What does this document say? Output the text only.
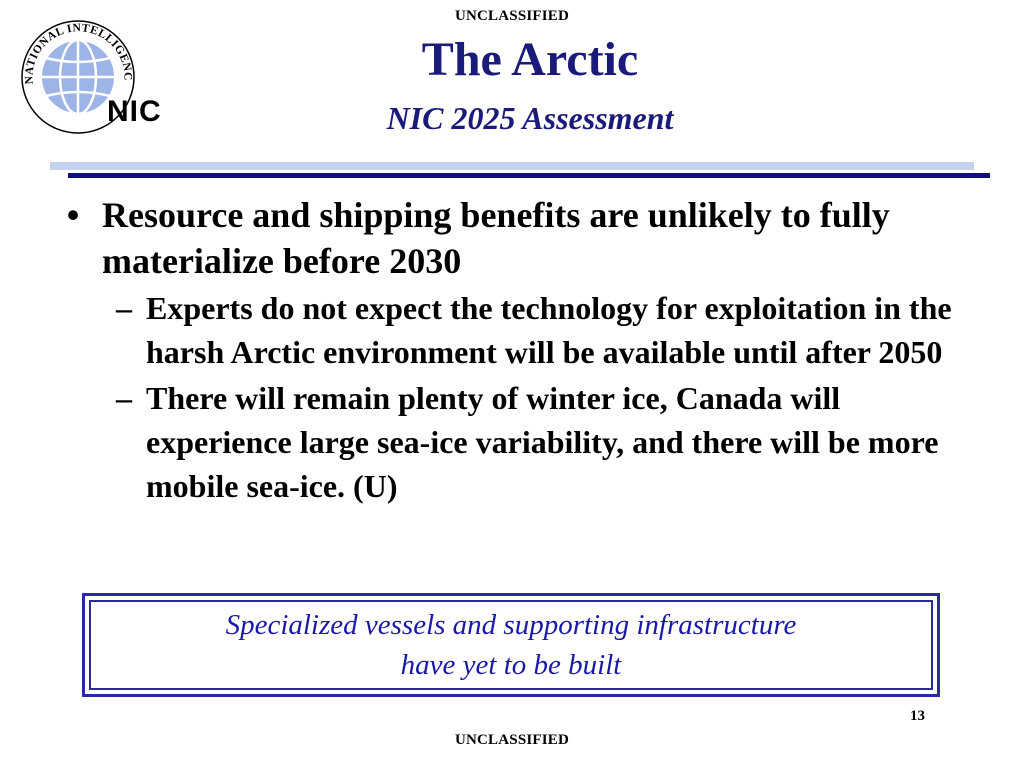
UNCLASSIFIED
NATIONAL INTELLIGENC
NIC
The Arctic
NIC 2025 Assessment
• Resource and shipping benefits are unlikely to fully materialize before 2030
– Experts do not expect the technology for exploitation in the harsh Arctic environment will be available until after 2050
– There will remain plenty of winter ice, Canada will experience large sea-ice variability, and there will be more mobile sea-ice. (U)
Specialized vessels and supporting infrastructure
have yet to be built
13
UNCLASSIFIED
